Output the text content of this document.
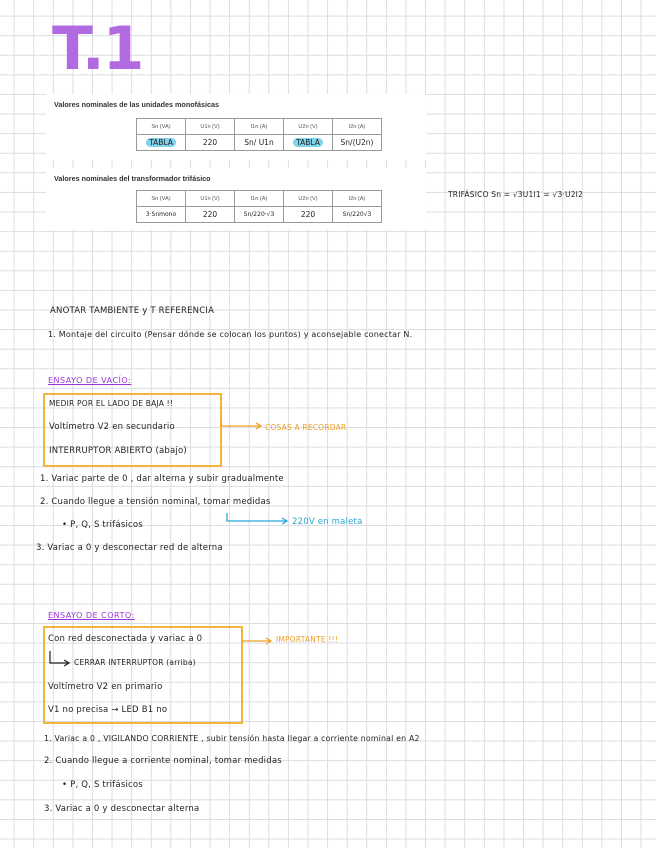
T.1
Valores nominales de las unidades monofásicas
Sn (VA)	U1n (V)	I1n (A)	U2n (V)	I2n (A)
TABLA	220	Sn/ U1n	TABLA	Sn/(U2n)
Valores nominales del transformador trifásico
Sn (VA)	U1n (V)	I1n (A)	U2n (V)	I2n (A)
3·Snmono	220	Sn/220·√3	220	Sn/220√3
TRIFÁSICO Sn = √3U1I1 = √3·U2I2
ANOTAR TAMBIENTE y T REFERENCIA
1. Montaje del circuito (Pensar dónde se colocan los puntos) y aconsejable conectar N.
ENSAYO DE VACÍO:
MEDIR POR EL LADO DE BAJA !!
Voltímetro V2 en secundario
INTERRUPTOR ABIERTO (abajo)
COSAS A RECORDAR
1. Variac parte de 0 , dar alterna y subir gradualmente
2. Cuando llegue a tensión nominal, tomar medidas
• P, Q, S trifásicos	220V en maleta
3. Variac a 0 y desconectar red de alterna
ENSAYO DE CORTO:
Con red desconectada y variac a 0
CERRAR INTERRUPTOR (arriba)
Voltímetro V2 en primario
V1 no precisa → LED B1 no
IMPORTANTE !!!
1. Variac a 0 , VIGILANDO CORRIENTE , subir tensión hasta llegar a corriente nominal en A2
2. Cuando llegue a corriente nominal, tomar medidas
• P, Q, S trifásicos
3. Variac a 0 y desconectar alterna
